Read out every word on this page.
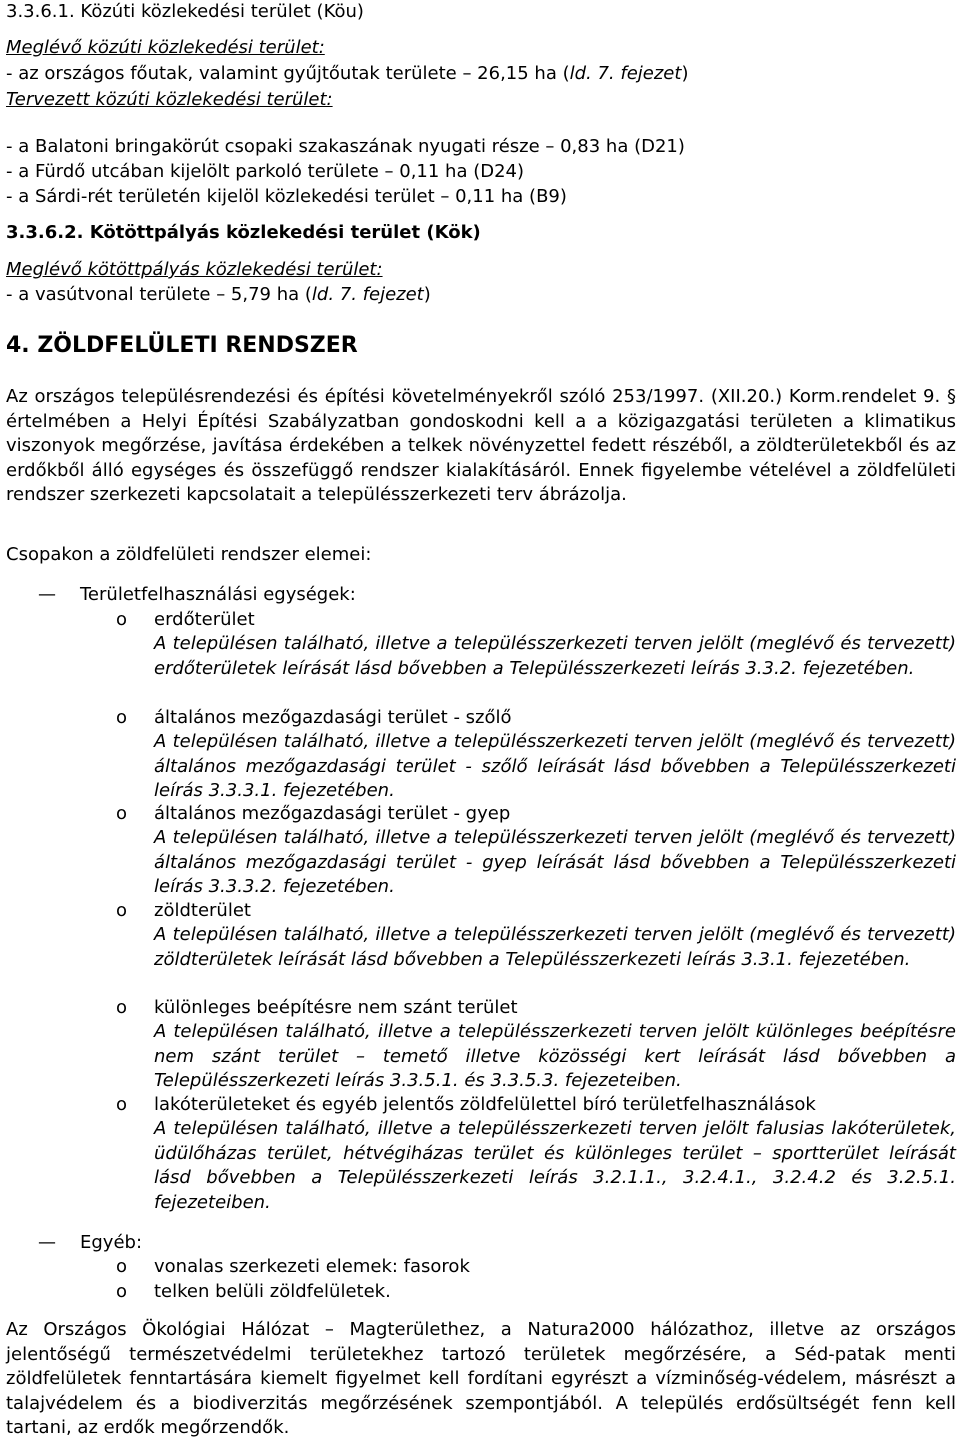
3.3.6.1. Közúti közlekedési terület (Köu)
Meglévő közúti közlekedési terület:
- az országos főutak, valamint gyűjtőutak területe – 26,15 ha (ld. 7. fejezet)
Tervezett közúti közlekedési terület:
- a Balatoni bringakörút csopaki szakaszának nyugati része – 0,83 ha (D21)
- a Fürdő utcában kijelölt parkoló területe – 0,11 ha (D24)
- a Sárdi-rét területén kijelöl közlekedési terület – 0,11 ha (B9)
3.3.6.2. Kötöttpályás közlekedési terület (Kök)
Meglévő kötöttpályás közlekedési terület:
- a vasútvonal területe – 5,79 ha (ld. 7. fejezet)
4. ZÖLDFELÜLETI RENDSZER
Az országos településrendezési és építési követelményekről szóló 253/1997. (XII.20.) Korm.rendelet 9. § értelmében a Helyi Építési Szabályzatban gondoskodni kell a a közigazgatási területen a klimatikus viszonyok megőrzése, javítása érdekében a telkek növényzettel fedett részéből, a zöldterületekből és az erdőkből álló egységes és összefüggő rendszer kialakításáról. Ennek figyelembe vételével a zöldfelületi rendszer szerkezeti kapcsolatait a településszerkezeti terv ábrázolja.
Csopakon a zöldfelületi rendszer elemei:
— Területfelhasználási egységek:
o erdőterület
A településen található, illetve a településszerkezeti terven jelölt (meglévő és tervezett) erdőterületek leírását lásd bővebben a Településszerkezeti leírás 3.3.2. fejezetében.
o általános mezőgazdasági terület - szőlő
A településen található, illetve a településszerkezeti terven jelölt (meglévő és tervezett) általános mezőgazdasági terület - szőlő leírását lásd bővebben a Településszerkezeti leírás 3.3.3.1. fejezetében.
o általános mezőgazdasági terület - gyep
A településen található, illetve a településszerkezeti terven jelölt (meglévő és tervezett) általános mezőgazdasági terület - gyep leírását lásd bővebben a Településszerkezeti leírás 3.3.3.2. fejezetében.
o zöldterület
A településen található, illetve a településszerkezeti terven jelölt (meglévő és tervezett) zöldterületek leírását lásd bővebben a Településszerkezeti leírás 3.3.1. fejezetében.
o különleges beépítésre nem szánt terület
A településen található, illetve a településszerkezeti terven jelölt különleges beépítésre nem szánt terület – temető illetve közösségi kert leírását lásd bővebben a Településszerkezeti leírás 3.3.5.1. és 3.3.5.3. fejezeteiben.
o lakóterületeket és egyéb jelentős zöldfelülettel bíró területfelhasználások
A településen található, illetve a településszerkezeti terven jelölt falusias lakóterületek, üdülőházas terület, hétvégiházas terület és különleges terület – sportterület leírását lásd bővebben a Településszerkezeti leírás 3.2.1.1., 3.2.4.1., 3.2.4.2 és 3.2.5.1. fejezeteiben.
— Egyéb:
o vonalas szerkezeti elemek: fasorok
o telken belüli zöldfelületek.
Az Országos Ökológiai Hálózat – Magterülethez, a Natura2000 hálózathoz, illetve az országos jelentőségű természetvédelmi területekhez tartozó területek megőrzésére, a Séd-patak menti zöldfelületek fenntartására kiemelt figyelmet kell fordítani egyrészt a vízminőség-védelem, másrészt a talajvédelem és a biodiverzitás megőrzésének szempontjából. A település erdősültségét fenn kell tartani, az erdők megőrzendők.
